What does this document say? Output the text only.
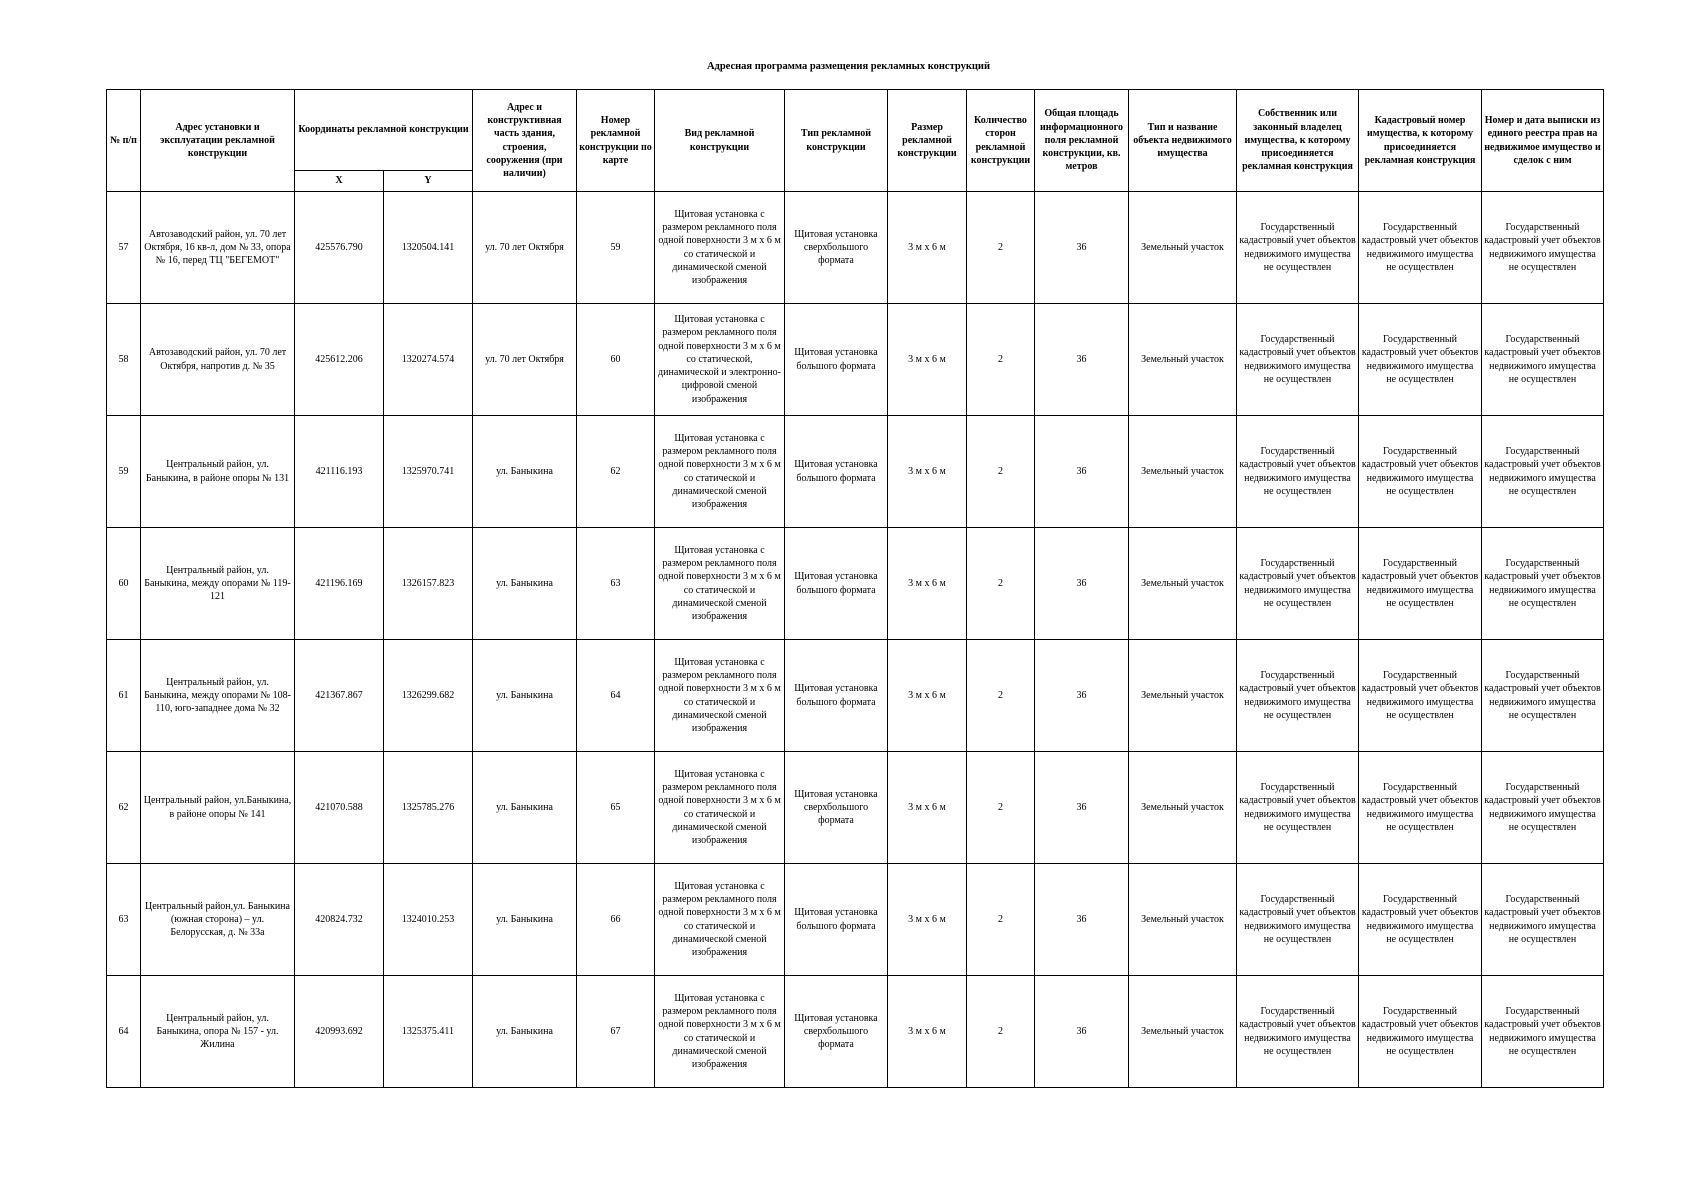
Адресная программа размещения рекламных конструкций
№ п/п	Адрес установки и эксплуатации рекламной конструкции	Координаты рекламной конструкции		Адрес и конструктивная часть здания, строения, сооружения (при наличии)	Номер рекламной конструкции по карте	Вид рекламной конструкции	Тип рекламной конструкции	Размер рекламной конструкции	Количество сторон рекламной конструкции	Общая площадь информационного поля рекламной конструкции, кв. метров	Тип и название объекта недвижимого имущества	Собственник или законный владелец имущества, к которому присоединяется рекламная конструкция	Кадастровый номер имущества, к которому присоединяется рекламная конструкция	Номер и дата выписки из единого реестра прав на недвижимое имущество и сделок с ним
		X	Y											
57	Автозаводский район, ул. 70 лет Октября, 16 кв-л, дом № 33, опора № 16, перед ТЦ "БЕГЕМОТ"	425576.790	1320504.141	ул. 70 лет Октября	59	Щитовая установка с размером рекламного поля одной поверхности 3 м х 6 м со статической и динамической сменой изображения	Щитовая установка сверхбольшого формата	3 м х 6 м	2	36	Земельный участок	Государственный кадастровый учет объектов недвижимого имущества не осуществлен	Государственный кадастровый учет объектов недвижимого имущества не осуществлен	Государственный кадастровый учет объектов недвижимого имущества не осуществлен
58	Автозаводский район, ул. 70 лет Октября, напротив д. № 35	425612.206	1320274.574	ул. 70 лет Октября	60	Щитовая установка с размером рекламного поля одной поверхности 3 м х 6 м со статической, динамической и электронно-цифровой сменой изображения	Щитовая установка большого формата	3 м х 6 м	2	36	Земельный участок	Государственный кадастровый учет объектов недвижимого имущества не осуществлен	Государственный кадастровый учет объектов недвижимого имущества не осуществлен	Государственный кадастровый учет объектов недвижимого имущества не осуществлен
59	Центральный район, ул. Баныкина, в районе опоры № 131	421116.193	1325970.741	ул. Баныкина	62	Щитовая установка с размером рекламного поля одной поверхности 3 м х 6 м со статической и динамической сменой изображения	Щитовая установка большого формата	3 м х 6 м	2	36	Земельный участок	Государственный кадастровый учет объектов недвижимого имущества не осуществлен	Государственный кадастровый учет объектов недвижимого имущества не осуществлен	Государственный кадастровый учет объектов недвижимого имущества не осуществлен
60	Центральный район, ул. Баныкина, между опорами № 119-121	421196.169	1326157.823	ул. Баныкина	63	Щитовая установка с размером рекламного поля одной поверхности 3 м х 6 м со статической и динамической сменой изображения	Щитовая установка большого формата	3 м х 6 м	2	36	Земельный участок	Государственный кадастровый учет объектов недвижимого имущества не осуществлен	Государственный кадастровый учет объектов недвижимого имущества не осуществлен	Государственный кадастровый учет объектов недвижимого имущества не осуществлен
61	Центральный район, ул. Баныкина, между опорами № 108-110, юго-западнее дома № 32	421367.867	1326299.682	ул. Баныкина	64	Щитовая установка с размером рекламного поля одной поверхности 3 м х 6 м со статической и динамической сменой изображения	Щитовая установка большого формата	3 м х 6 м	2	36	Земельный участок	Государственный кадастровый учет объектов недвижимого имущества не осуществлен	Государственный кадастровый учет объектов недвижимого имущества не осуществлен	Государственный кадастровый учет объектов недвижимого имущества не осуществлен
62	Центральный район, ул.Баныкина, в районе опоры № 141	421070.588	1325785.276	ул. Баныкина	65	Щитовая установка с размером рекламного поля одной поверхности 3 м х 6 м со статической и динамической сменой изображения	Щитовая установка сверхбольшого формата	3 м х 6 м	2	36	Земельный участок	Государственный кадастровый учет объектов недвижимого имущества не осуществлен	Государственный кадастровый учет объектов недвижимого имущества не осуществлен	Государственный кадастровый учет объектов недвижимого имущества не осуществлен
63	Центральный район,ул. Баныкина (южная сторона) – ул. Белорусская, д. № 33а	420824.732	1324010.253	ул. Баныкина	66	Щитовая установка с размером рекламного поля одной поверхности 3 м х 6 м со статической и динамической сменой изображения	Щитовая установка большого формата	3 м х 6 м	2	36	Земельный участок	Государственный кадастровый учет объектов недвижимого имущества не осуществлен	Государственный кадастровый учет объектов недвижимого имущества не осуществлен	Государственный кадастровый учет объектов недвижимого имущества не осуществлен
64	Центральный район, ул. Баныкина, опора № 157 - ул. Жилина	420993.692	1325375.411	ул. Баныкина	67	Щитовая установка с размером рекламного поля одной поверхности 3 м х 6 м со статической и динамической сменой изображения	Щитовая установка сверхбольшого формата	3 м х 6 м	2	36	Земельный участок	Государственный кадастровый учет объектов недвижимого имущества не осуществлен	Государственный кадастровый учет объектов недвижимого имущества не осуществлен	Государственный кадастровый учет объектов недвижимого имущества не осуществлен
